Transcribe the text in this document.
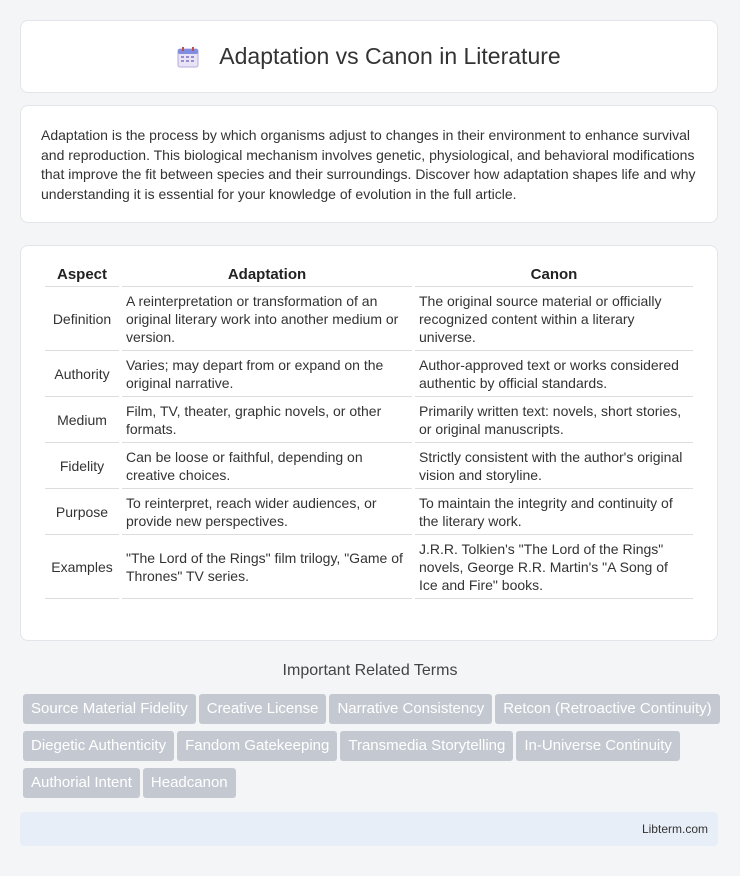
Adaptation vs Canon in Literature

Adaptation is the process by which organisms adjust to changes in their environment to enhance survival and reproduction. This biological mechanism involves genetic, physiological, and behavioral modifications that improve the fit between species and their surroundings. Discover how adaptation shapes life and why understanding it is essential for your knowledge of evolution in the full article.

Aspect	Adaptation	Canon
Definition	A reinterpretation or transformation of an original literary work into another medium or version.	The original source material or officially recognized content within a literary universe.
Authority	Varies; may depart from or expand on the original narrative.	Author-approved text or works considered authentic by official standards.
Medium	Film, TV, theater, graphic novels, or other formats.	Primarily written text: novels, short stories, or original manuscripts.
Fidelity	Can be loose or faithful, depending on creative choices.	Strictly consistent with the author's original vision and storyline.
Purpose	To reinterpret, reach wider audiences, or provide new perspectives.	To maintain the integrity and continuity of the literary work.
Examples	"The Lord of the Rings" film trilogy, "Game of Thrones" TV series.	J.R.R. Tolkien's "The Lord of the Rings" novels, George R.R. Martin's "A Song of Ice and Fire" books.
Important Related Terms
Source Material Fidelity Creative License Narrative Consistency Retcon (Retroactive Continuity)Diegetic Authenticity Fandom Gatekeeping Transmedia Storytelling In-Universe ContinuityAuthorial Intent Headcanon
Libterm.com
